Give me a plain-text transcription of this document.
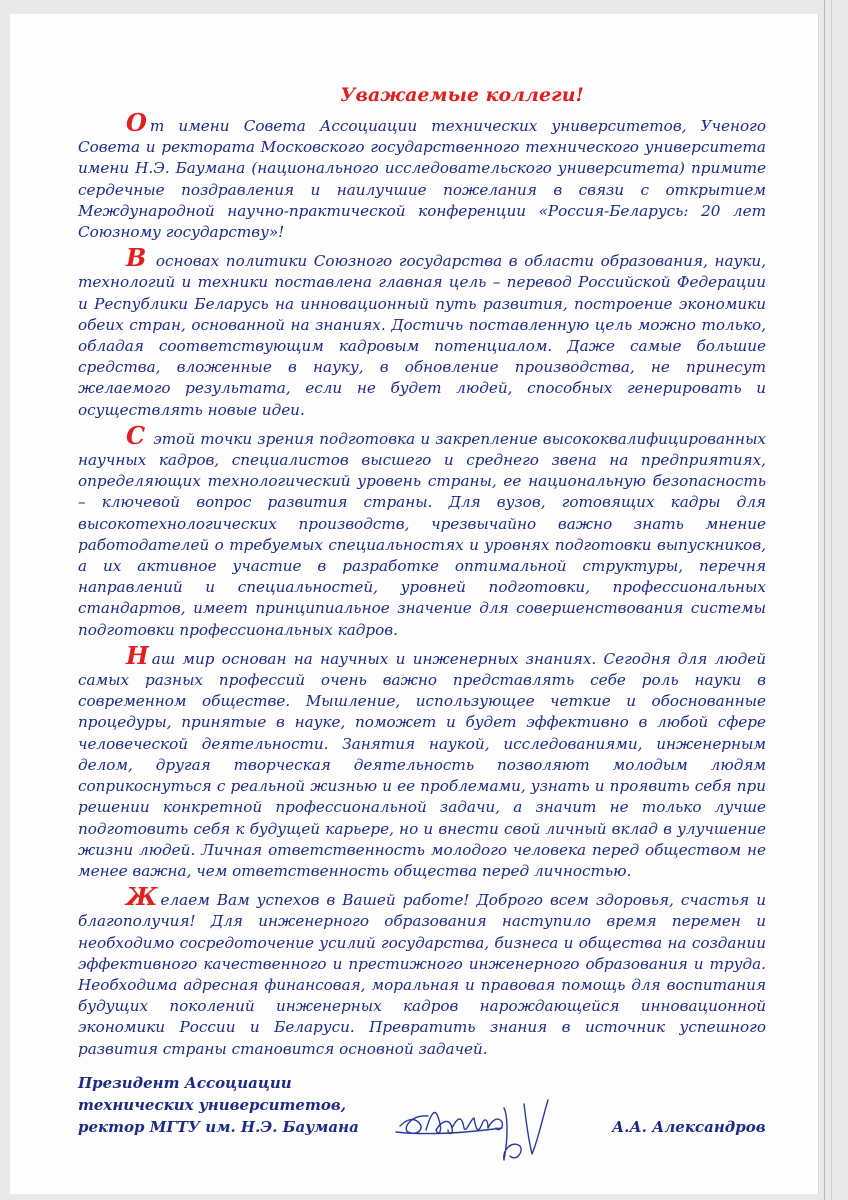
Уважаемые коллеги!

От имени Совета Ассоциации технических университетов, Ученого Совета и ректората Московского государственного технического университета имени Н.Э. Баумана (национального исследовательского университета) примите сердечные поздравления и наилучшие пожелания в связи с открытием Международной научно-практической конференции «Россия-Беларусь: 20 лет Союзному государству»!

В основах политики Союзного государства в области образования, науки, технологий и техники поставлена главная цель – перевод Российской Федерации и Республики Беларусь на инновационный путь развития, построение экономики обеих стран, основанной на знаниях. Достичь поставленную цель можно только, обладая соответствующим кадровым потенциалом. Даже самые большие средства, вложенные в науку, в обновление производства, не принесут желаемого результата, если не будет людей, способных генерировать и осуществлять новые идеи.

С этой точки зрения подготовка и закрепление высококвалифицированных научных кадров, специалистов высшего и среднего звена на предприятиях, определяющих технологический уровень страны, ее национальную безопасность – ключевой вопрос развития страны. Для вузов, готовящих кадры для высокотехнологических производств, чрезвычайно важно знать мнение работодателей о требуемых специальностях и уровнях подготовки выпускников, а их активное участие в разработке оптимальной структуры, перечня направлений и специальностей, уровней подготовки, профессиональных стандартов, имеет принципиальное значение для совершенствования системы подготовки профессиональных кадров.

Наш мир основан на научных и инженерных знаниях. Сегодня для людей самых разных профессий очень важно представлять себе роль науки в современном обществе. Мышление, использующее четкие и обоснованные процедуры, принятые в науке, поможет и будет эффективно в любой сфере человеческой деятельности. Занятия наукой, исследованиями, инженерным делом, другая творческая деятельность позволяют молодым людям соприкоснуться с реальной жизнью и ее проблемами, узнать и проявить себя при решении конкретной профессиональной задачи, а значит не только лучше подготовить себя к будущей карьере, но и внести свой личный вклад в улучшение жизни людей. Личная ответственность молодого человека перед обществом не менее важна, чем ответственность общества перед личностью.

Желаем Вам успехов в Вашей работе! Доброго всем здоровья, счастья и благополучия! Для инженерного образования наступило время перемен и необходимо сосредоточение усилий государства, бизнеса и общества на создании эффективного качественного и престижного инженерного образования и труда. Необходима адресная финансовая, моральная и правовая помощь для воспитания будущих поколений инженерных кадров нарождающейся инновационной экономики России и Беларуси. Превратить знания в источник успешного развития страны становится основной задачей.

Президент Ассоциации
технических университетов,
ректор МГТУ им. Н.Э. Баумана	А.А. Александров
